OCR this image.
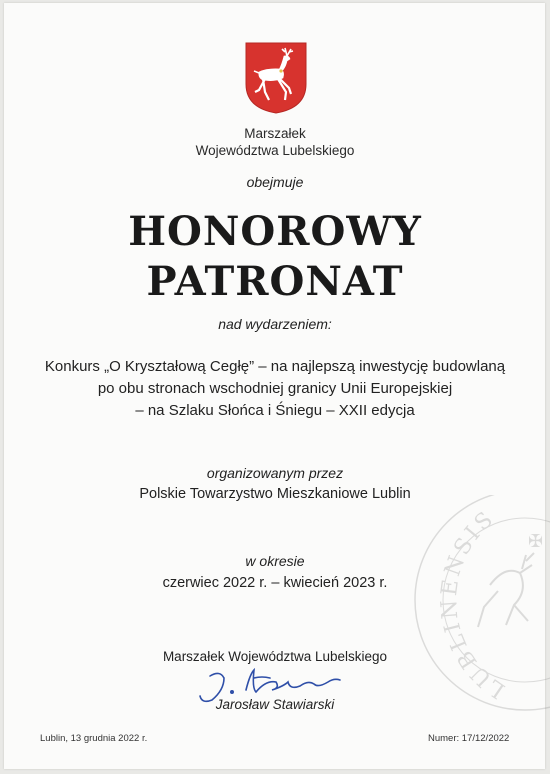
Marszałek
Województwa Lubelskiego
obejmuje
HONOROWY
PATRONAT
nad wydarzeniem:
Konkurs „O Kryształową Cegłę” – na najlepszą inwestycję budowlaną
po obu stronach wschodniej granicy Unii Europejskiej
– na Szlaku Słońca i Śniegu – XXII edycja
organizowanym przez
Polskie Towarzystwo Mieszkaniowe Lublin
w okresie
czerwiec 2022 r. – kwiecień 2023 r.
Marszałek Województwa Lubelskiego
Jarosław Stawiarski
Lublin, 13 grudnia 2022 r.	Numer: 17/12/2022
LUBLINENSIS
✠
